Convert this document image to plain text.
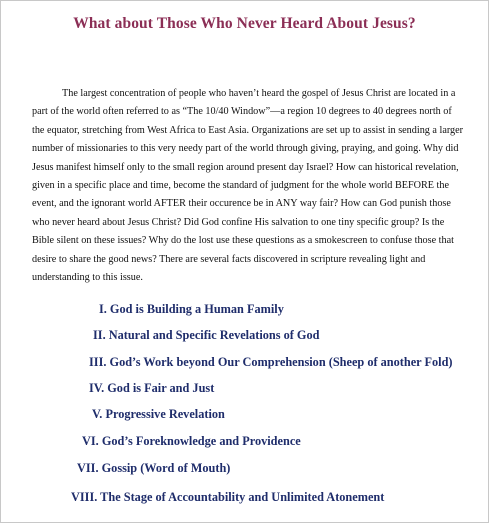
What about Those Who Never Heard About Jesus?
The largest concentration of people who haven’t heard the gospel of Jesus Christ are located in a part of the world often referred to as “The 10/40 Window”—a region 10 degrees to 40 degrees north of the equator, stretching from West Africa to East Asia. Organizations are set up to assist in sending a larger number of missionaries to this very needy part of the world through giving, praying, and going. Why did Jesus manifest himself only to the small region around present day Israel? How can historical revelation, given in a specific place and time, become the standard of judgment for the whole world BEFORE the event, and the ignorant world AFTER their occurence be in ANY way fair? How can God punish those who never heard about Jesus Christ? Did God confine His salvation to one tiny specific group? Is the Bible silent on these issues? Why do the lost use these questions as a smokescreen to confuse those that desire to share the good news? There are several facts discovered in scripture revealing light and understanding to this issue.
I. God is Building a Human Family
II. Natural and Specific Revelations of God
III. God’s Work beyond Our Comprehension (Sheep of another Fold)
IV. God is Fair and Just
V. Progressive Revelation
VI. God’s Foreknowledge and Providence
VII. Gossip (Word of Mouth)
VIII. The Stage of Accountability and Unlimited Atonement
